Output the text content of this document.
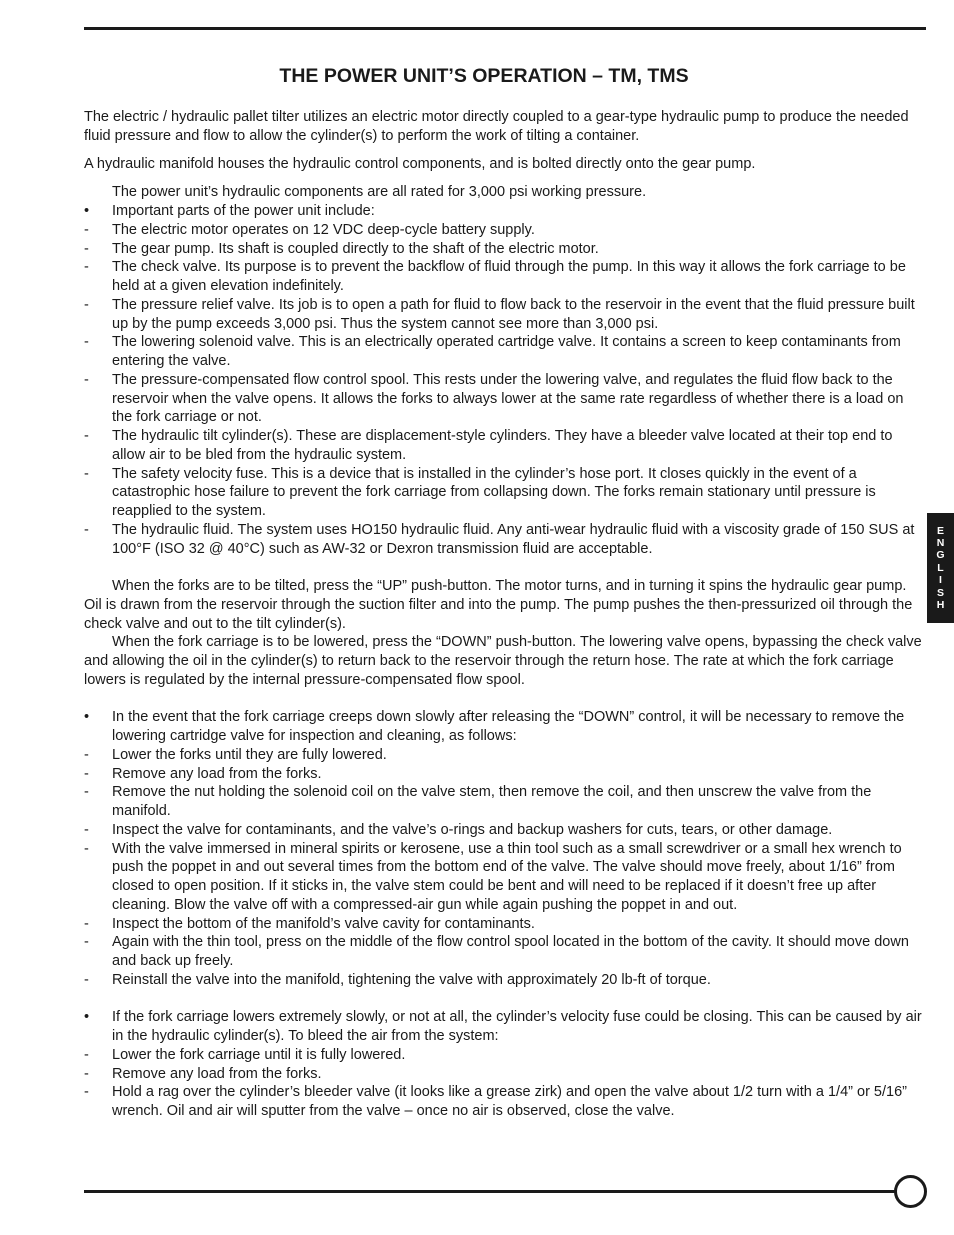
THE POWER UNIT’S OPERATION – TM, TMS

The electric / hydraulic pallet tilter utilizes an electric motor directly coupled to a gear-type hydraulic pump to produce the needed fluid pressure and flow to allow the cylinder(s) to perform the work of tilting a container.

A hydraulic manifold houses the hydraulic control components, and is bolted directly onto the gear pump.

The power unit’s hydraulic components are all rated for 3,000 psi working pressure.

•	Important parts of the power unit include:
-	The electric motor operates on 12 VDC deep-cycle battery supply.
-	The gear pump. Its shaft is coupled directly to the shaft of the electric motor.
-	The check valve. Its purpose is to prevent the backflow of fluid through the pump. In this way it allows the fork carriage to be held at a given elevation indefinitely.
-	The pressure relief valve. Its job is to open a path for fluid to flow back to the reservoir in the event that the fluid pressure built up by the pump exceeds 3,000 psi. Thus the system cannot see more than 3,000 psi.
-	The lowering solenoid valve. This is an electrically operated cartridge valve. It contains a screen to keep contaminants from entering the valve.
-	The pressure-compensated flow control spool. This rests under the lowering valve, and regulates the fluid flow back to the reservoir when the valve opens. It allows the forks to always lower at the same rate regardless of whether there is a load on the fork carriage or not.
-	The hydraulic tilt cylinder(s). These are displacement-style cylinders. They have a bleeder valve located at their top end to allow air to be bled from the hydraulic system.
-	The safety velocity fuse. This is a device that is installed in the cylinder’s hose port. It closes quickly in the event of a catastrophic hose failure to prevent the fork carriage from collapsing down. The forks remain stationary until pressure is reapplied to the system.
-	The hydraulic fluid. The system uses HO150 hydraulic fluid. Any anti-wear hydraulic fluid with a viscosity grade of 150 SUS at 100°F (ISO 32 @ 40°C) such as AW-32 or Dexron transmission fluid are acceptable.

When the forks are to be tilted, press the “UP” push-button. The motor turns, and in turning it spins the hydraulic gear pump. Oil is drawn from the reservoir through the suction filter and into the pump. The pump pushes the then-pressurized oil through the check valve and out to the tilt cylinder(s).

When the fork carriage is to be lowered, press the “DOWN” push-button. The lowering valve opens, bypassing the check valve and allowing the oil in the cylinder(s) to return back to the reservoir through the return hose. The rate at which the fork carriage lowers is regulated by the internal pressure-compensated flow spool.

•	In the event that the fork carriage creeps down slowly after releasing the “DOWN” control, it will be necessary to remove the lowering cartridge valve for inspection and cleaning, as follows:
-	Lower the forks until they are fully lowered.
-	Remove any load from the forks.
-	Remove the nut holding the solenoid coil on the valve stem, then remove the coil, and then unscrew the valve from the manifold.
-	Inspect the valve for contaminants, and the valve’s o-rings and backup washers for cuts, tears, or other damage.
-	With the valve immersed in mineral spirits or kerosene, use a thin tool such as a small screwdriver or a small hex wrench to push the poppet in and out several times from the bottom end of the valve. The valve should move freely, about 1/16” from closed to open position. If it sticks in, the valve stem could be bent and will need to be replaced if it doesn’t free up after cleaning. Blow the valve off with a compressed-air gun while again pushing the poppet in and out.
-	Inspect the bottom of the manifold’s valve cavity for contaminants.
-	Again with the thin tool, press on the middle of the flow control spool located in the bottom of the cavity. It should move down and back up freely.
-	Reinstall the valve into the manifold, tightening the valve with approximately 20 lb-ft of torque.
•	If the fork carriage lowers extremely slowly, or not at all, the cylinder’s velocity fuse could be closing. This can be caused by air in the hydraulic cylinder(s). To bleed the air from the system:
-	Lower the fork carriage until it is fully lowered.
-	Remove any load from the forks.
-	Hold a rag over the cylinder’s bleeder valve (it looks like a grease zirk) and open the valve about 1/2 turn with a 1/4” or 5/16” wrench. Oil and air will sputter from the valve – once no air is observed, close the valve.
E
N
G
L
I
S
H
